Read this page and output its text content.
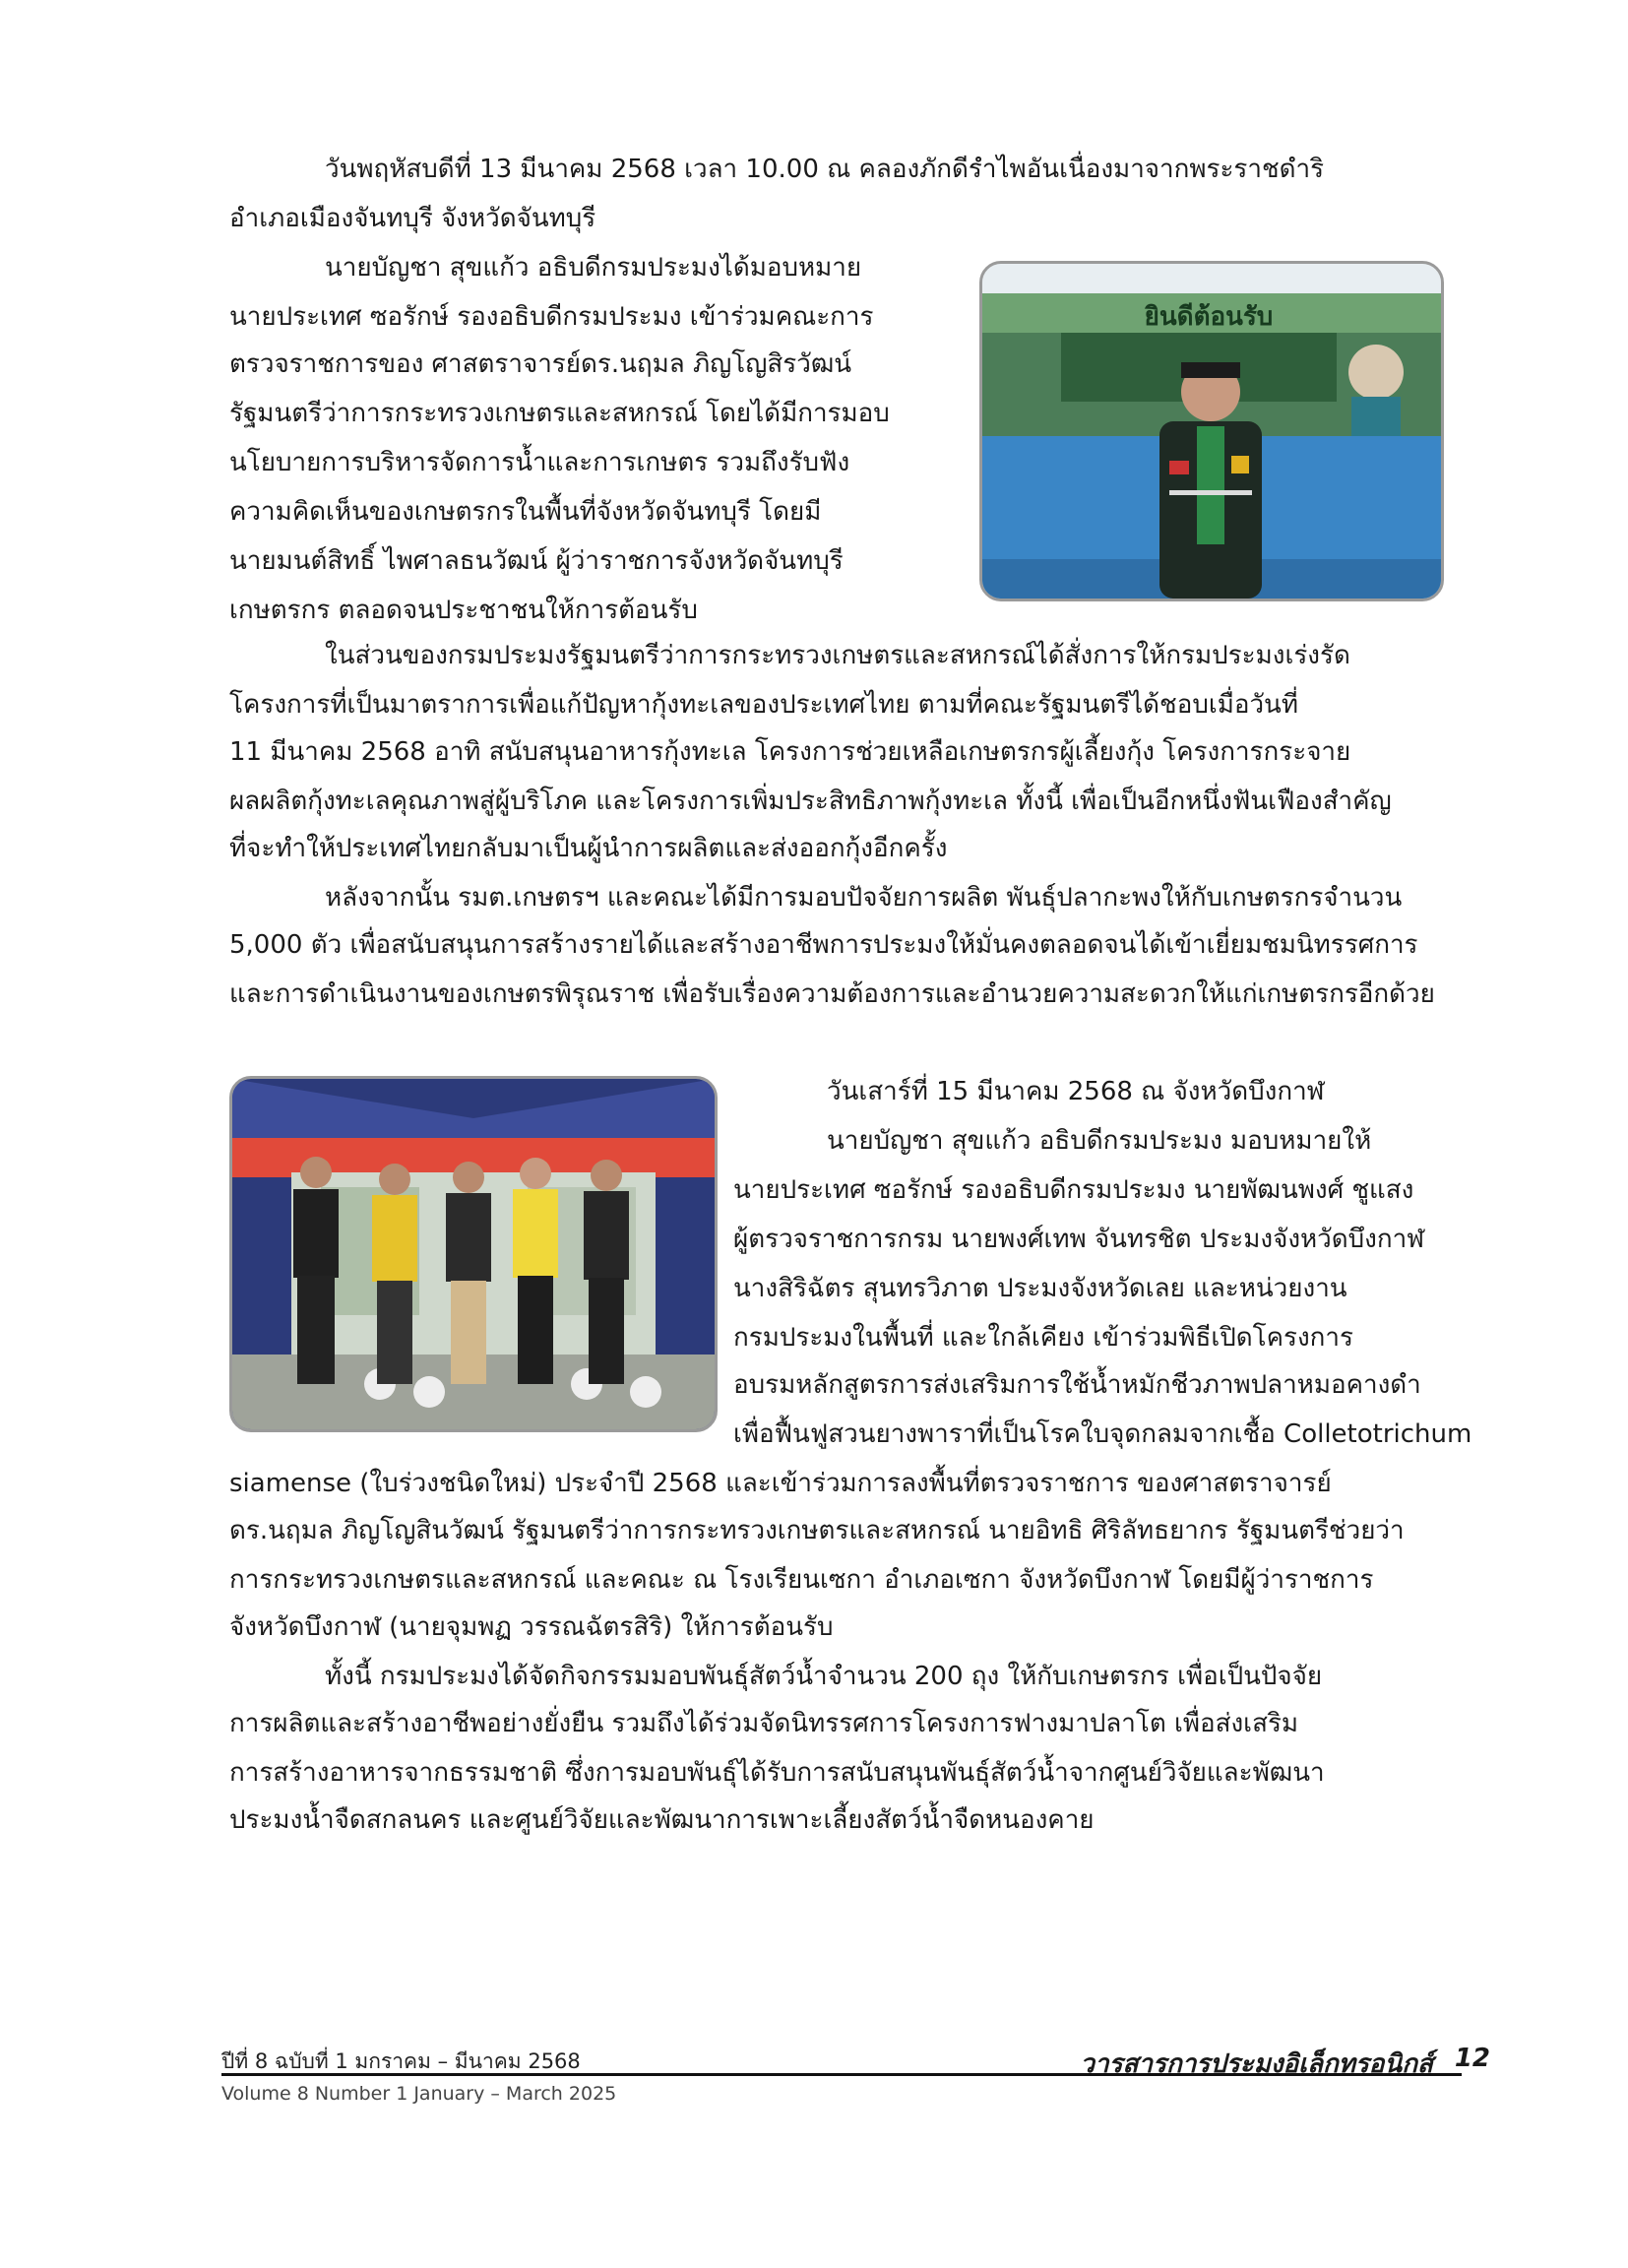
วันพฤหัสบดีที่ 13 มีนาคม 2568 เวลา 10.00 ณ คลองภักดีรำไพอันเนื่องมาจากพระราชดำริ
อำเภอเมืองจันทบุรี จังหวัดจันทบุรี
นายบัญชา สุขแก้ว อธิบดีกรมประมงได้มอบหมาย
นายประเทศ ซอรักษ์ รองอธิบดีกรมประมง เข้าร่วมคณะการ
ตรวจราชการของ ศาสตราจารย์ดร.นฤมล ภิญโญสิรวัฒน์
รัฐมนตรีว่าการกระทรวงเกษตรและสหกรณ์ โดยได้มีการมอบ
นโยบายการบริหารจัดการน้ำและการเกษตร รวมถึงรับฟัง
ความคิดเห็นของเกษตรกรในพื้นที่จังหวัดจันทบุรี โดยมี
นายมนต์สิทธิ์ ไพศาลธนวัฒน์ ผู้ว่าราชการจังหวัดจันทบุรี
เกษตรกร ตลอดจนประชาชนให้การต้อนรับ
ยินดีต้อนรับ
ในส่วนของกรมประมงรัฐมนตรีว่าการกระทรวงเกษตรและสหกรณ์ได้สั่งการให้กรมประมงเร่งรัด
โครงการที่เป็นมาตราการเพื่อแก้ปัญหากุ้งทะเลของประเทศไทย ตามที่คณะรัฐมนตรีได้ชอบเมื่อวันที่
11 มีนาคม 2568 อาทิ สนับสนุนอาหารกุ้งทะเล โครงการช่วยเหลือเกษตรกรผู้เลี้ยงกุ้ง โครงการกระจาย
ผลผลิตกุ้งทะเลคุณภาพสู่ผู้บริโภค และโครงการเพิ่มประสิทธิภาพกุ้งทะเล ทั้งนี้ เพื่อเป็นอีกหนึ่งฟันเฟืองสำคัญ
ที่จะทำให้ประเทศไทยกลับมาเป็นผู้นำการผลิตและส่งออกกุ้งอีกครั้ง
หลังจากนั้น รมต.เกษตรฯ และคณะได้มีการมอบปัจจัยการผลิต พันธุ์ปลากะพงให้กับเกษตรกรจำนวน
5,000 ตัว เพื่อสนับสนุนการสร้างรายได้และสร้างอาชีพการประมงให้มั่นคงตลอดจนได้เข้าเยี่ยมชมนิทรรศการ
และการดำเนินงานของเกษตรพิรุณราช เพื่อรับเรื่องความต้องการและอำนวยความสะดวกให้แก่เกษตรกรอีกด้วย
วันเสาร์ที่ 15 มีนาคม 2568 ณ จังหวัดบึงกาฬ
นายบัญชา สุขแก้ว อธิบดีกรมประมง มอบหมายให้
นายประเทศ ซอรักษ์ รองอธิบดีกรมประมง นายพัฒนพงศ์ ชูแสง
ผู้ตรวจราชการกรม นายพงศ์เทพ จันทรชิต ประมงจังหวัดบึงกาฬ
นางสิริฉัตร สุนทรวิภาต ประมงจังหวัดเลย และหน่วยงาน
กรมประมงในพื้นที่ และใกล้เคียง เข้าร่วมพิธีเปิดโครงการ
อบรมหลักสูตรการส่งเสริมการใช้น้ำหมักชีวภาพปลาหมอคางดำ
เพื่อฟื้นฟูสวนยางพาราที่เป็นโรคใบจุดกลมจากเชื้อ Colletotrichum
siamense (ใบร่วงชนิดใหม่) ประจำปี 2568 และเข้าร่วมการลงพื้นที่ตรวจราชการ ของศาสตราจารย์
ดร.นฤมล ภิญโญสินวัฒน์ รัฐมนตรีว่าการกระทรวงเกษตรและสหกรณ์ นายอิทธิ ศิริลัทธยากร รัฐมนตรีช่วยว่า
การกระทรวงเกษตรและสหกรณ์ และคณะ ณ โรงเรียนเซกา อำเภอเซกา จังหวัดบึงกาฬ โดยมีผู้ว่าราชการ
จังหวัดบึงกาฬ (นายจุมพฏ วรรณฉัตรสิริ) ให้การต้อนรับ
ทั้งนี้ กรมประมงได้จัดกิจกรรมมอบพันธุ์สัตว์น้ำจำนวน 200 ถุง ให้กับเกษตรกร เพื่อเป็นปัจจัย
การผลิตและสร้างอาชีพอย่างยั่งยืน รวมถึงได้ร่วมจัดนิทรรศการโครงการฟางมาปลาโต เพื่อส่งเสริม
การสร้างอาหารจากธรรมชาติ ซึ่งการมอบพันธุ์ได้รับการสนับสนุนพันธุ์สัตว์น้ำจากศูนย์วิจัยและพัฒนา
ประมงน้ำจืดสกลนคร และศูนย์วิจัยและพัฒนาการเพาะเลี้ยงสัตว์น้ำจืดหนองคาย
ปีที่ 8 ฉบับที่ 1 มกราคม – มีนาคม 2568
Volume 8 Number 1 January – March 2025
วารสารการประมงอิเล็กทรอนิกส์ 12
